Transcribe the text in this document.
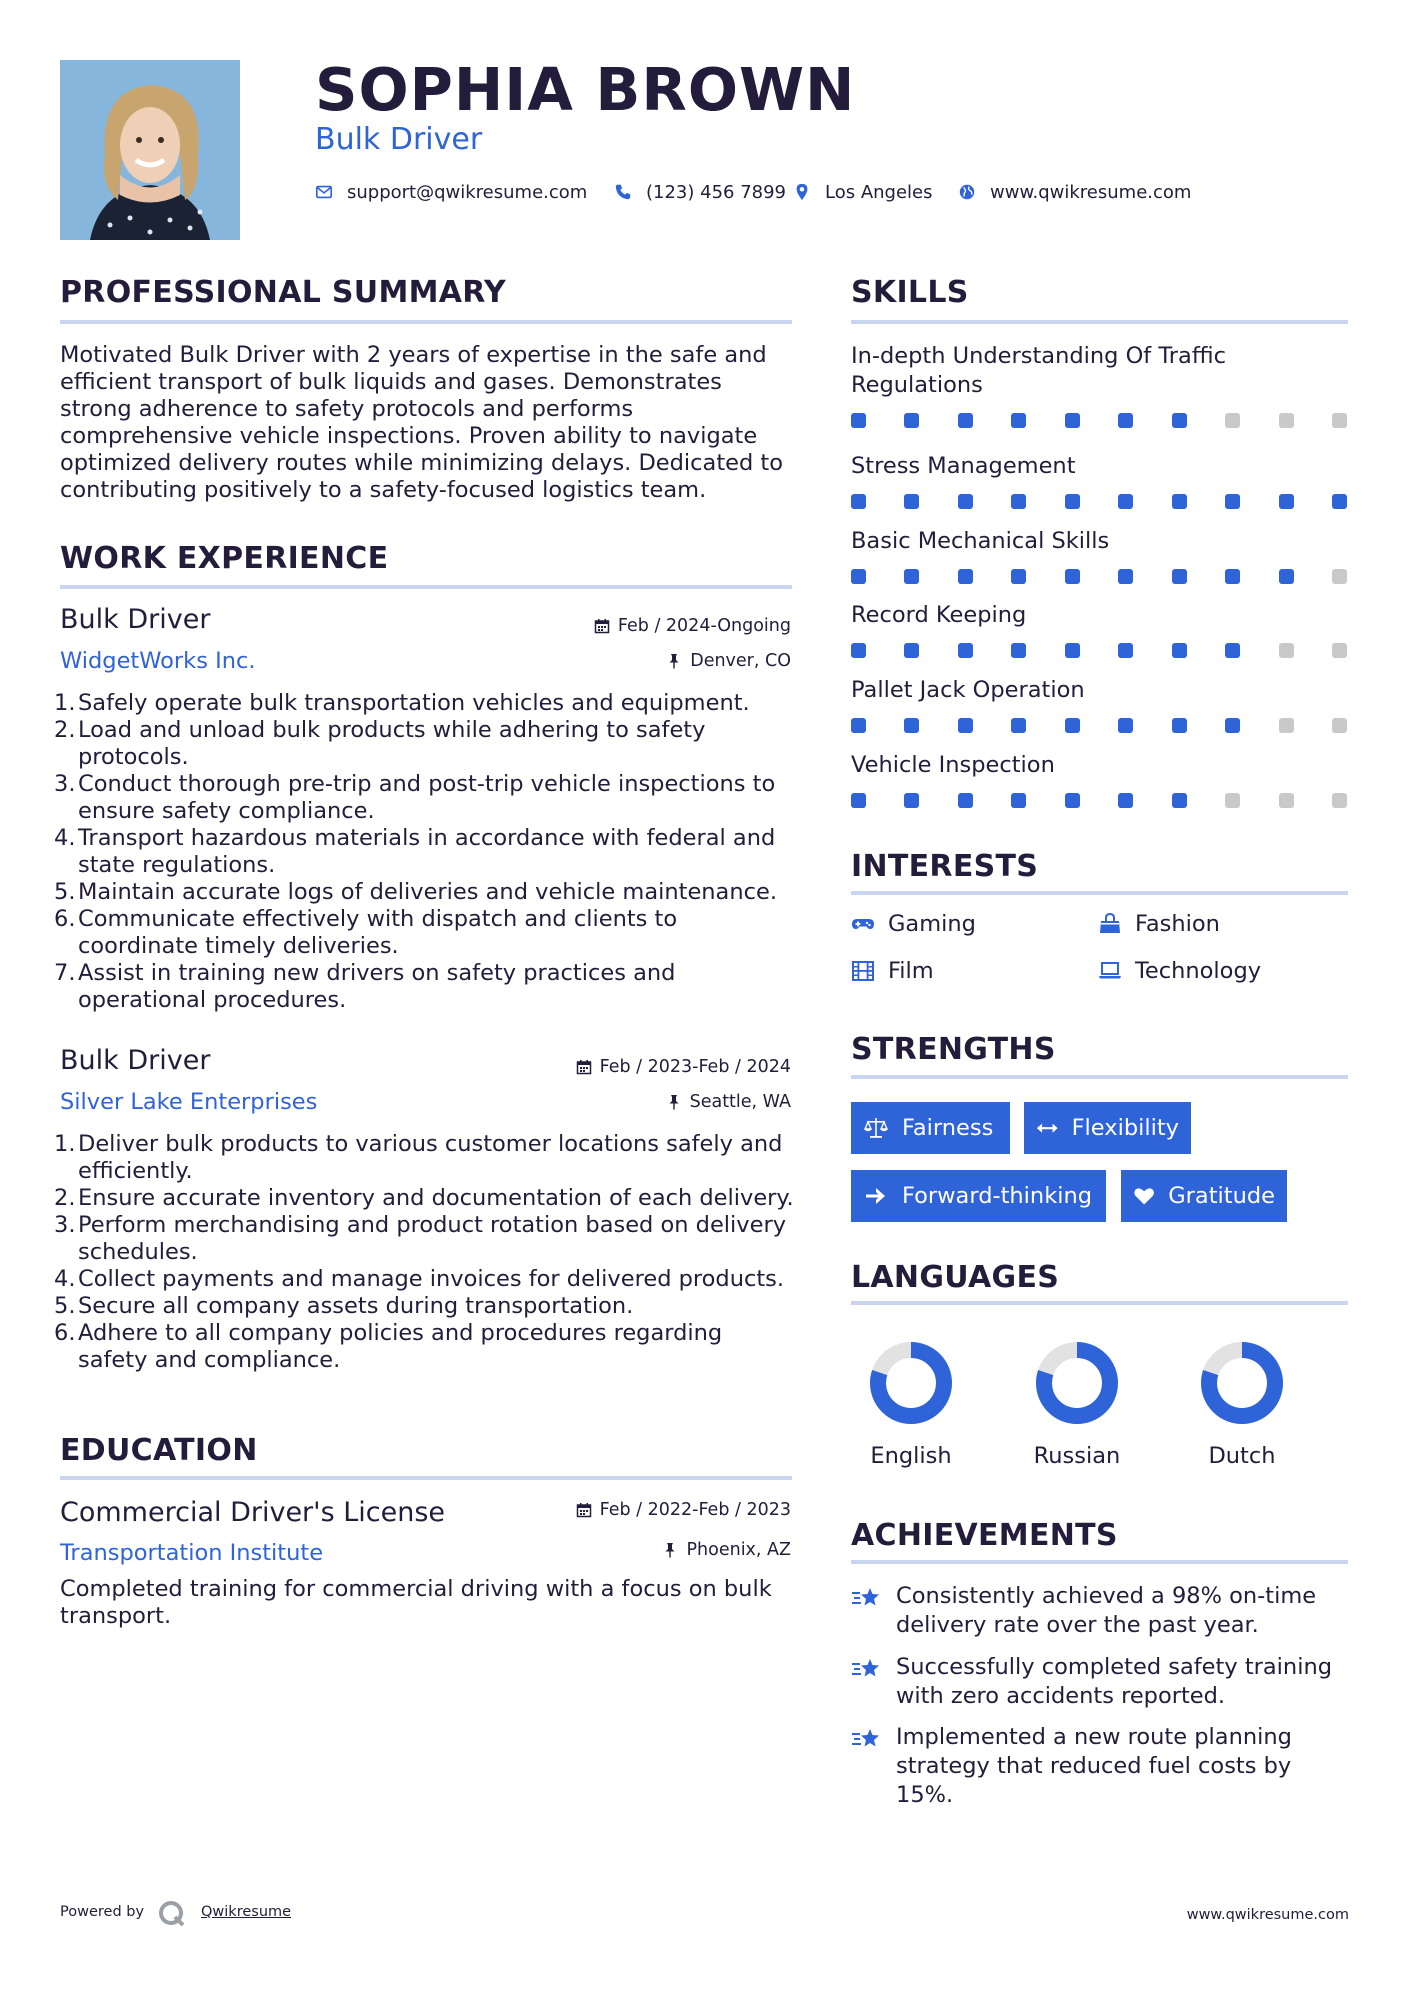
SOPHIA BROWN
Bulk Driver
support@qwikresume.com	(123) 456 7899 Los Angeles	www.qwikresume.com
PROFESSIONAL SUMMARY
Motivated Bulk Driver with 2 years of expertise in the safe and
efficient transport of bulk liquids and gases. Demonstrates
strong adherence to safety protocols and performs
comprehensive vehicle inspections. Proven ability to navigate
optimized delivery routes while minimizing delays. Dedicated to
contributing positively to a safety-focused logistics team.
WORK EXPERIENCE
Bulk Driver	Feb / 2024-Ongoing
WidgetWorks Inc.	Denver, CO
1. Safely operate bulk transportation vehicles and equipment.
2. Load and unload bulk products while adhering to safety
protocols.
3. Conduct thorough pre-trip and post-trip vehicle inspections to
ensure safety compliance.
4. Transport hazardous materials in accordance with federal and
state regulations.
5. Maintain accurate logs of deliveries and vehicle maintenance.
6. Communicate effectively with dispatch and clients to
coordinate timely deliveries.
7. Assist in training new drivers on safety practices and
operational procedures.
Bulk Driver	Feb / 2023-Feb / 2024
Silver Lake Enterprises	Seattle, WA
1. Deliver bulk products to various customer locations safely and
efficiently.
2. Ensure accurate inventory and documentation of each delivery.
3. Perform merchandising and product rotation based on delivery
schedules.
4. Collect payments and manage invoices for delivered products.
5. Secure all company assets during transportation.
6. Adhere to all company policies and procedures regarding
safety and compliance.
EDUCATION
Commercial Driver's License	Feb / 2022-Feb / 2023
Transportation Institute	Phoenix, AZ
Completed training for commercial driving with a focus on bulk
transport.
SKILLS
In-depth Understanding Of Traffic Regulations
Stress Management
Basic Mechanical Skills
Record Keeping
Pallet Jack Operation
Vehicle Inspection
INTERESTS
Gaming	Fashion
Film	Technology
STRENGTHS
Fairness	Flexibility
Forward-thinking	Gratitude
LANGUAGES
English	Russian	Dutch
ACHIEVEMENTS
Consistently achieved a 98% on-time
delivery rate over the past year.
Successfully completed safety training
with zero accidents reported.
Implemented a new route planning
strategy that reduced fuel costs by 15%.
Powered by	Qwikresume	www.qwikresume.com
